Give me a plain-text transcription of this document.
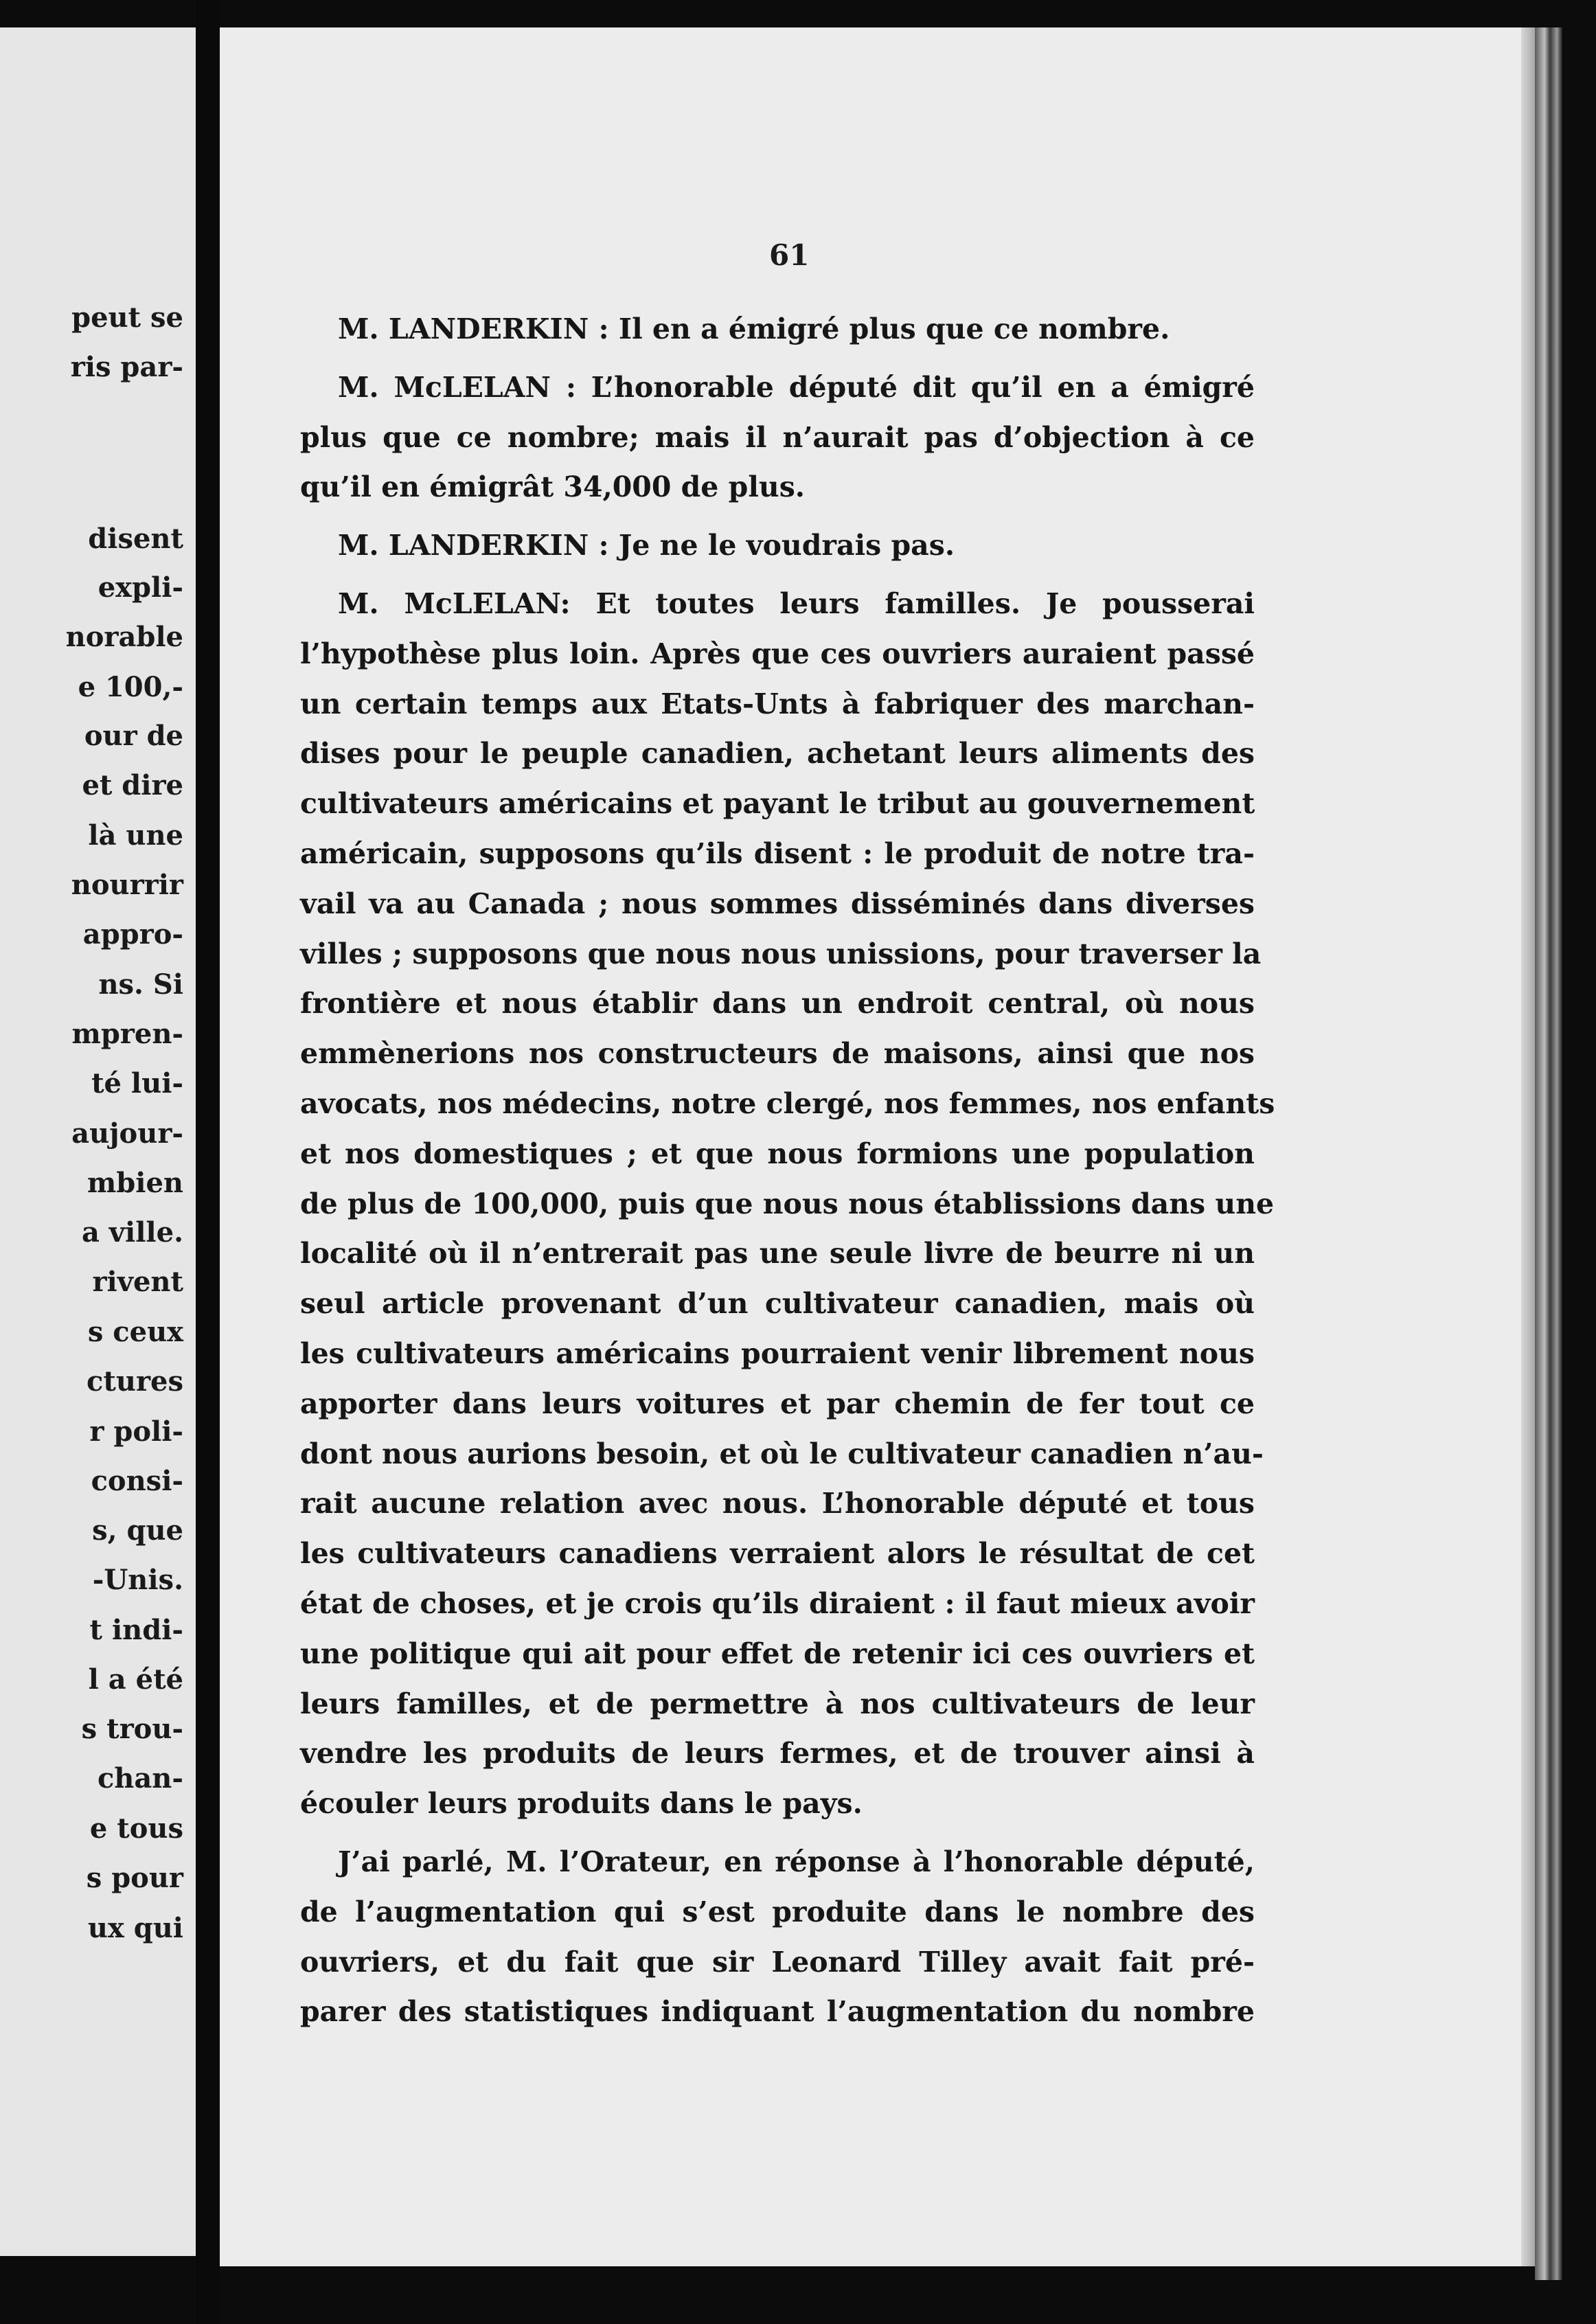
peut se
ris par-
disent
expli-
norable
e 100,-
our de
et dire
là une
nourrir
appro-
ns. Si
mpren-
té lui-
aujour-
mbien
a ville.
rivent
s ceux
ctures
r poli-
consi-
s, que
-Unis.
t indi-
l a été
s trou-
chan-
e tous
s pour
ux qui
61
M. LANDERKIN : Il en a émigré plus que ce nombre.
M. McLELAN : L’honorable député dit qu’il en a émigré
plus que ce nombre; mais il n’aurait pas d’objection à ce
qu’il en émigrât 34,000 de plus.
M. LANDERKIN : Je ne le voudrais pas.
M. McLELAN: Et toutes leurs familles. Je pousserai
l’hypothèse plus loin. Après que ces ouvriers auraient passé
un certain temps aux Etats-Unts à fabriquer des marchan-
dises pour le peuple canadien, achetant leurs aliments des
cultivateurs américains et payant le tribut au gouvernement
américain, supposons qu’ils disent : le produit de notre tra-
vail va au Canada ; nous sommes disséminés dans diverses
villes ; supposons que nous nous unissions, pour traverser la
frontière et nous établir dans un endroit central, où nous
emmènerions nos constructeurs de maisons, ainsi que nos
avocats, nos médecins, notre clergé, nos femmes, nos enfants
et nos domestiques ; et que nous formions une population
de plus de 100,000, puis que nous nous établissions dans une
localité où il n’entrerait pas une seule livre de beurre ni un
seul article provenant d’un cultivateur canadien, mais où
les cultivateurs américains pourraient venir librement nous
apporter dans leurs voitures et par chemin de fer tout ce
dont nous aurions besoin, et où le cultivateur canadien n’au-
rait aucune relation avec nous. L’honorable député et tous
les cultivateurs canadiens verraient alors le résultat de cet
état de choses, et je crois qu’ils diraient : il faut mieux avoir
une politique qui ait pour effet de retenir ici ces ouvriers et
leurs familles, et de permettre à nos cultivateurs de leur
vendre les produits de leurs fermes, et de trouver ainsi à
écouler leurs produits dans le pays.
J’ai parlé, M. l’Orateur, en réponse à l’honorable député,
de l’augmentation qui s’est produite dans le nombre des
ouvriers, et du fait que sir Leonard Tilley avait fait pré-
parer des statistiques indiquant l’augmentation du nombre
